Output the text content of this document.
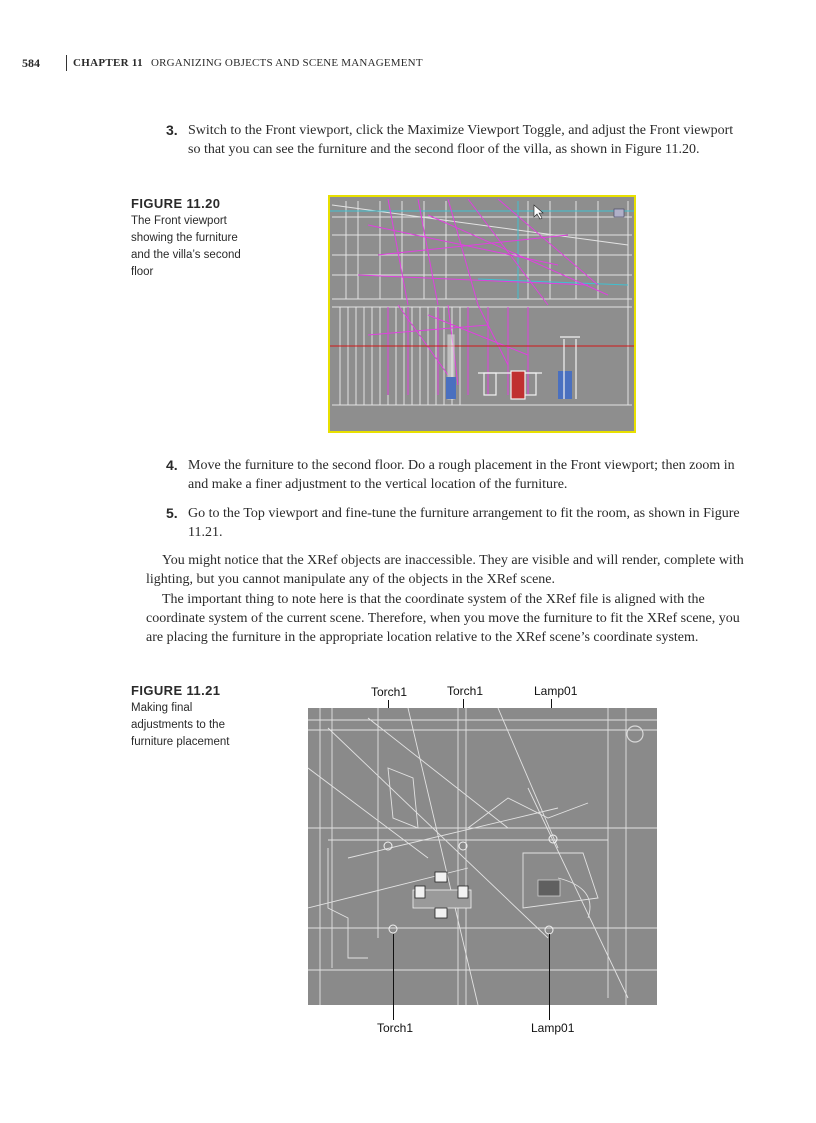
584	CHAPTER 11 ORGANIZING OBJECTS AND SCENE MANAGEMENT
3. Switch to the Front viewport, click the Maximize Viewport Toggle, and adjust the Front viewport so that you can see the furniture and the second floor of the villa, as shown in Figure 11.20.
FIGURE 11.20
The Front viewport showing the furniture and the villa’s second floor
4. Move the furniture to the second floor. Do a rough placement in the Front viewport; then zoom in and make a finer adjustment to the vertical location of the furniture.
5. Go to the Top viewport and fine-tune the furniture arrangement to fit the room, as shown in Figure 11.21.
You might notice that the XRef objects are inaccessible. They are visible and will render, complete with lighting, but you cannot manipulate any of the objects in the XRef scene.
The important thing to note here is that the coordinate system of the XRef file is aligned with the coordinate system of the current scene. Therefore, when you move the furniture to fit the XRef scene, you are placing the furniture in the appropriate location relative to the XRef scene’s coordinate system.
FIGURE 11.21
Making final adjustments to the furniture placement
Torch1	Torch1	Lamp01
Torch1	Lamp01
